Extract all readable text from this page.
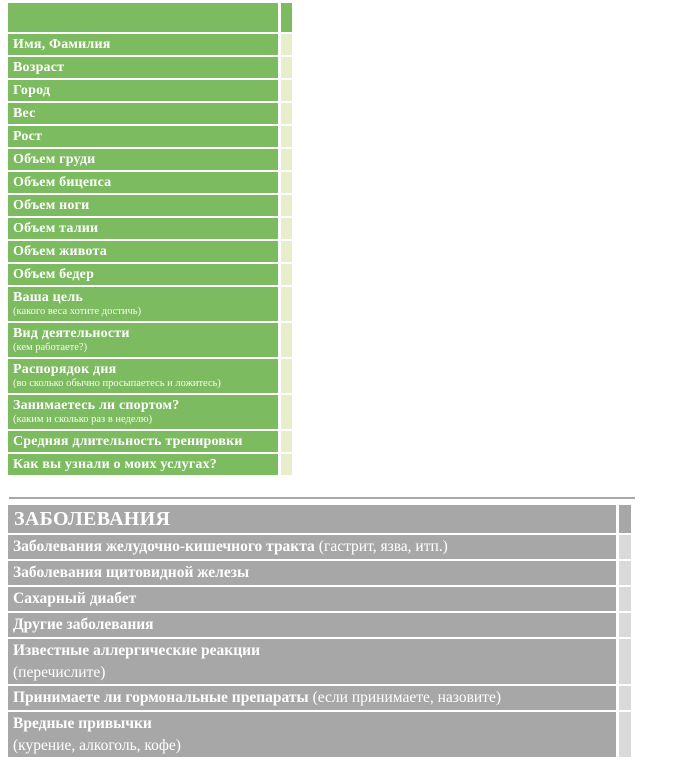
Имя, Фамилия
Возраст
Город
Вес
Рост
Объем груди
Объем бицепса
Объем ноги
Объем талии
Объем живота
Объем бедер
Ваша цель
(какого веса хотите достичь)
Вид деятельности
(кем работаете?)
Распорядок дня
(во сколько обычно просыпаетесь и ложитесь)
Занимаетесь ли спортом?
(каким и сколько раз в неделю)
Средняя длительность тренировки
Как вы узнали о моих услугах?
ЗАБОЛЕВАНИЯ
Заболевания желудочно-кишечного тракта (гастрит, язва, итп.)
Заболевания щитовидной железы
Сахарный диабет
Другие заболевания
Известные аллергические реакции
(перечислите)
Принимаете ли гормональные препараты (если принимаете, назовите)
Вредные привычки
(курение, алкоголь, кофе)
